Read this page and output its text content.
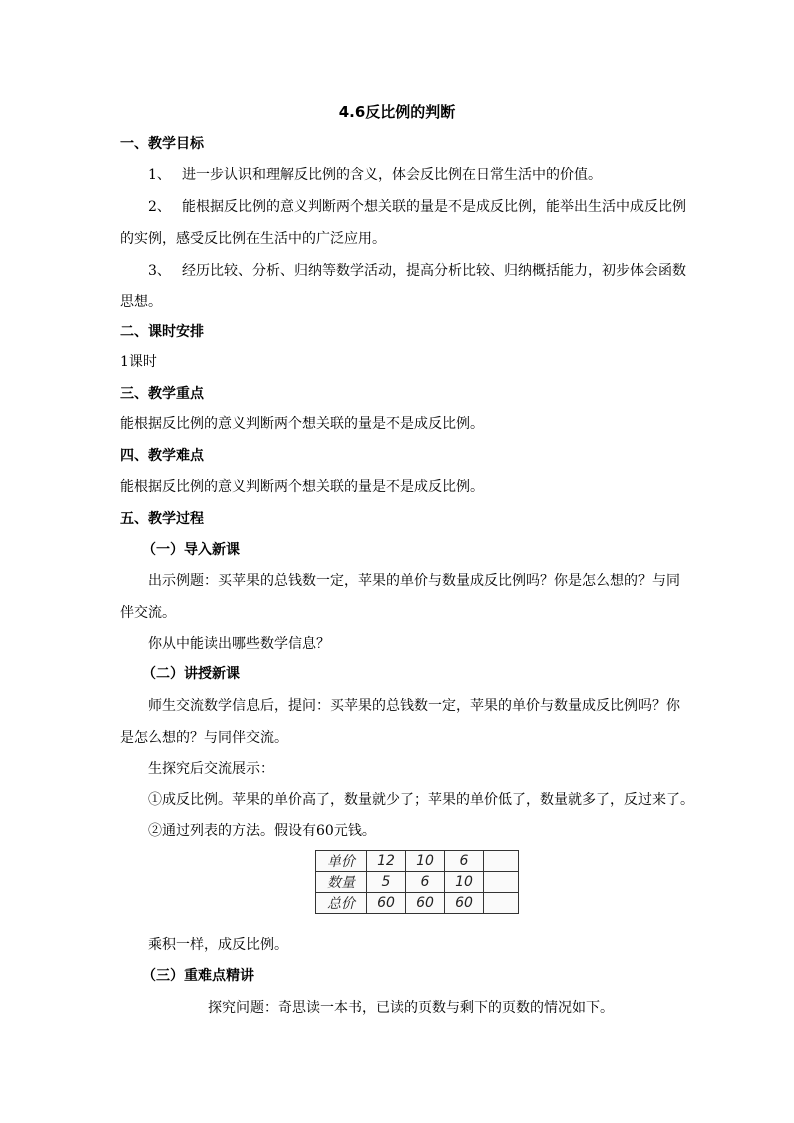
4.6反比例的判断
一、教学目标
1、 进一步认识和理解反比例的含义，体会反比例在日常生活中的价值。
2、 能根据反比例的意义判断两个想关联的量是不是成反比例，能举出生活中成反比例
的实例，感受反比例在生活中的广泛应用。
3、 经历比较、分析、归纳等数学活动，提高分析比较、归纳概括能力，初步体会函数
思想。
二、课时安排
1课时
三、教学重点
能根据反比例的意义判断两个想关联的量是不是成反比例。
四、教学难点
能根据反比例的意义判断两个想关联的量是不是成反比例。
五、教学过程
（一）导入新课
出示例题：买苹果的总钱数一定，苹果的单价与数量成反比例吗？你是怎么想的？与同
伴交流。
你从中能读出哪些数学信息？
（二）讲授新课
师生交流数学信息后，提问：买苹果的总钱数一定，苹果的单价与数量成反比例吗？你
是怎么想的？与同伴交流。
生探究后交流展示：
①成反比例。苹果的单价高了，数量就少了；苹果的单价低了，数量就多了，反过来了。
②通过列表的方法。假设有60元钱。
单价	12	10	6	
数量	5	6	10	
总价	60	60	60	
乘积一样，成反比例。
（三）重难点精讲
探究问题：奇思读一本书，已读的页数与剩下的页数的情况如下。
